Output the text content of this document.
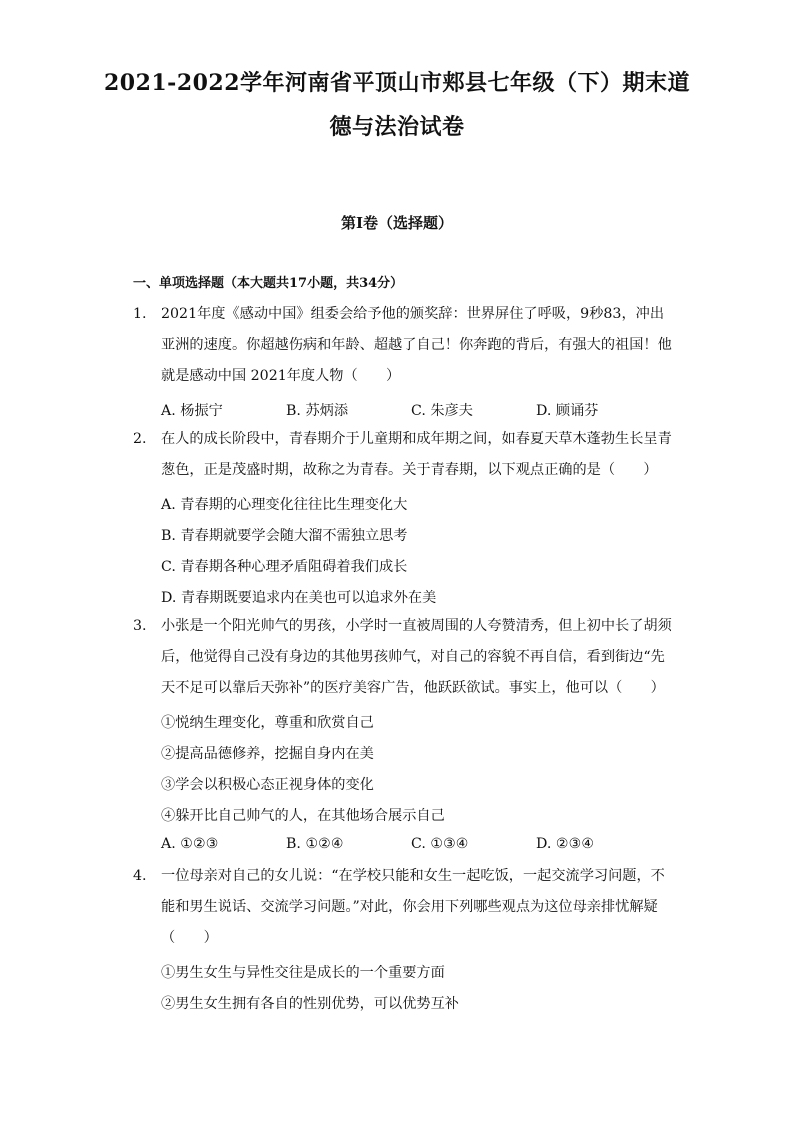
2021-2022学年河南省平顶山市郏县七年级（下）期末道
德与法治试卷
第I卷（选择题）
一、单项选择题（本大题共17小题，共34分）
1.	2021年度《感动中国》组委会给予他的颁奖辞：世界屏住了呼吸，9秒83，冲出
亚洲的速度。你超越伤病和年龄、超越了自己！你奔跑的背后，有强大的祖国！他
就是感动中国 2021年度人物（　　）
A. 杨振宁	B. 苏炳添	C. 朱彦夫	D. 顾诵芬
2.	在人的成长阶段中，青春期介于儿童期和成年期之间，如春夏天草木蓬勃生长呈青
葱色，正是茂盛时期，故称之为青春。关于青春期，以下观点正确的是（　　）
A. 青春期的心理变化往往比生理变化大
B. 青春期就要学会随大溜不需独立思考
C. 青春期各种心理矛盾阻碍着我们成长
D. 青春期既要追求内在美也可以追求外在美
3.	小张是一个阳光帅气的男孩，小学时一直被周围的人夸赞清秀，但上初中长了胡须
后，他觉得自己没有身边的其他男孩帅气，对自己的容貌不再自信，看到街边“先
天不足可以靠后天弥补”的医疗美容广告，他跃跃欲试。事实上，他可以（　　）
①悦纳生理变化，尊重和欣赏自己
②提高品德修养，挖掘自身内在美
③学会以积极心态正视身体的变化
④躲开比自己帅气的人，在其他场合展示自己
A. ①②③	B. ①②④	C. ①③④	D. ②③④
4.	一位母亲对自己的女儿说：“在学校只能和女生一起吃饭，一起交流学习问题，不
能和男生说话、交流学习问题。”对此，你会用下列哪些观点为这位母亲排忧解疑
（　　）
①男生女生与异性交往是成长的一个重要方面
②男生女生拥有各自的性别优势，可以优势互补
